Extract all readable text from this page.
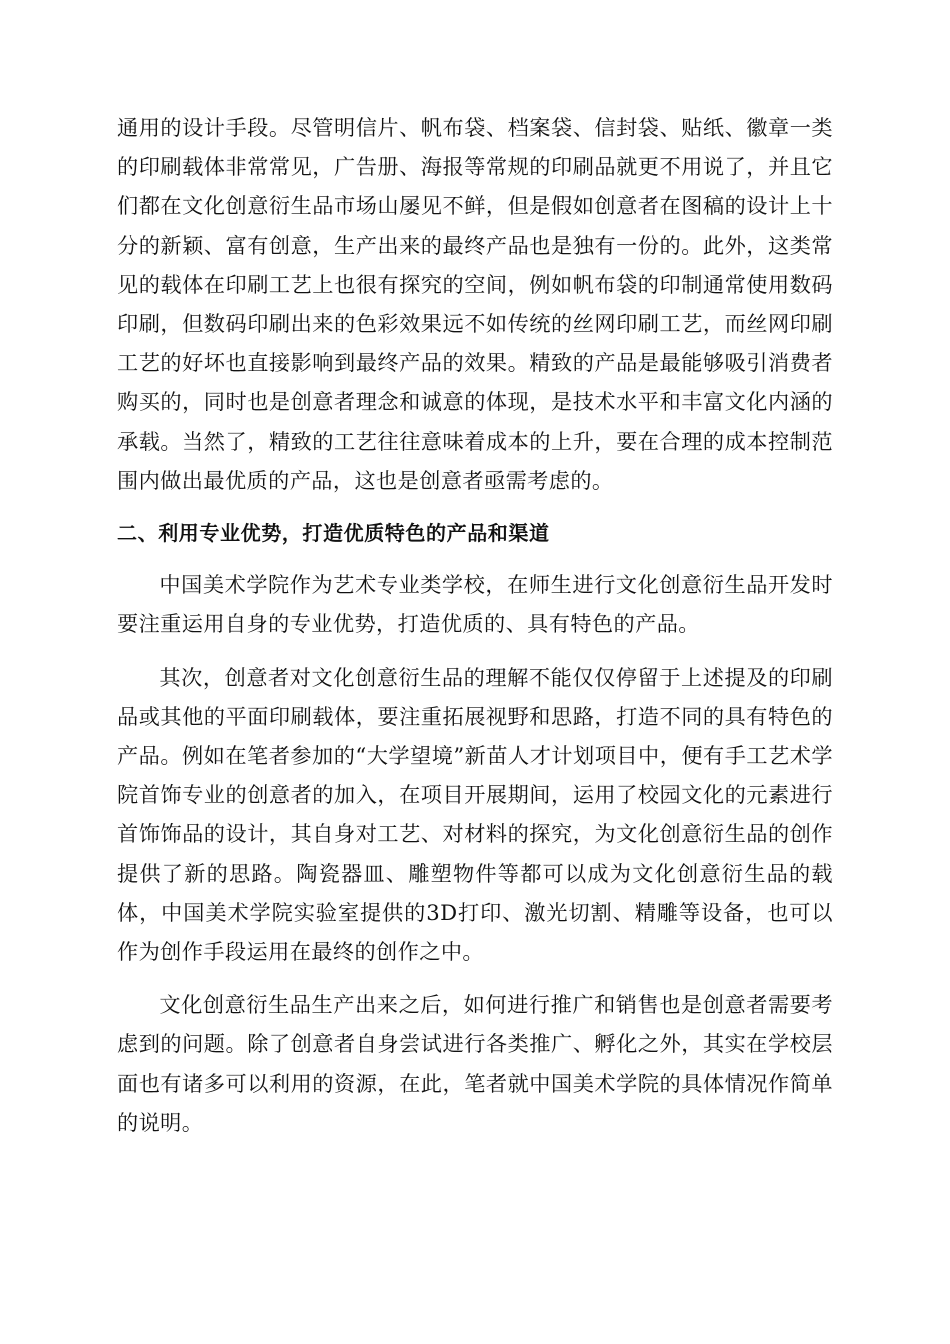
通用的设计手段。尽管明信片、帆布袋、档案袋、信封袋、贴纸、徽章一类的印刷载体非常常见，广告册、海报等常规的印刷品就更不用说了，并且它们都在文化创意衍生品市场山屡见不鲜，但是假如创意者在图稿的设计上十分的新颖、富有创意，生产出来的最终产品也是独有一份的。此外，这类常见的载体在印刷工艺上也很有探究的空间，例如帆布袋的印制通常使用数码印刷，但数码印刷出来的色彩效果远不如传统的丝网印刷工艺，而丝网印刷工艺的好坏也直接影响到最终产品的效果。精致的产品是最能够吸引消费者购买的，同时也是创意者理念和诚意的体现，是技术水平和丰富文化内涵的承载。当然了，精致的工艺往往意味着成本的上升，要在合理的成本控制范围内做出最优质的产品，这也是创意者亟需考虑的。

二、利用专业优势，打造优质特色的产品和渠道

中国美术学院作为艺术专业类学校，在师生进行文化创意衍生品开发时要注重运用自身的专业优势，打造优质的、具有特色的产品。

其次，创意者对文化创意衍生品的理解不能仅仅停留于上述提及的印刷品或其他的平面印刷载体，要注重拓展视野和思路，打造不同的具有特色的产品。例如在笔者参加的“大学望境”新苗人才计划项目中，便有手工艺术学院首饰专业的创意者的加入，在项目开展期间，运用了校园文化的元素进行首饰饰品的设计，其自身对工艺、对材料的探究，为文化创意衍生品的创作提供了新的思路。陶瓷器皿、雕塑物件等都可以成为文化创意衍生品的载体，中国美术学院实验室提供的3D打印、激光切割、精雕等设备，也可以作为创作手段运用在最终的创作之中。

文化创意衍生品生产出来之后，如何进行推广和销售也是创意者需要考虑到的问题。除了创意者自身尝试进行各类推广、孵化之外，其实在学校层面也有诸多可以利用的资源，在此，笔者就中国美术学院的具体情况作简单的说明。
